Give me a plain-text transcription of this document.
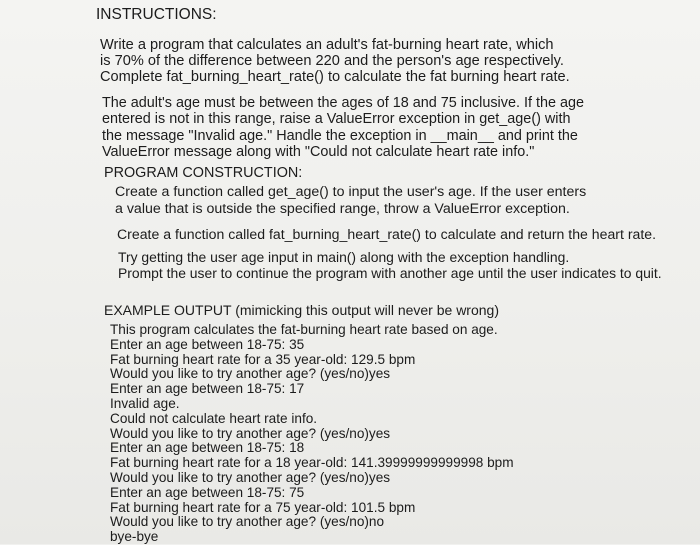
INSTRUCTIONS:
Write a program that calculates an adult's fat-burning heart rate, which
is 70% of the difference between 220 and the person's age respectively.
Complete fat_burning_heart_rate() to calculate the fat burning heart rate.
The adult's age must be between the ages of 18 and 75 inclusive. If the age
entered is not in this range, raise a ValueError exception in get_age() with
the message "Invalid age." Handle the exception in __main__ and print the
ValueError message along with "Could not calculate heart rate info."
PROGRAM CONSTRUCTION:
Create a function called get_age() to input the user's age. If the user enters
a value that is outside the specified range, throw a ValueError exception.
Create a function called fat_burning_heart_rate() to calculate and return the heart rate.
Try getting the user age input in main() along with the exception handling.
Prompt the user to continue the program with another age until the user indicates to quit.
EXAMPLE OUTPUT (mimicking this output will never be wrong)
This program calculates the fat-burning heart rate based on age.
Enter an age between 18-75: 35
Fat burning heart rate for a 35 year-old: 129.5 bpm
Would you like to try another age? (yes/no)yes
Enter an age between 18-75: 17
Invalid age.
Could not calculate heart rate info.
Would you like to try another age? (yes/no)yes
Enter an age between 18-75: 18
Fat burning heart rate for a 18 year-old: 141.39999999999998 bpm
Would you like to try another age? (yes/no)yes
Enter an age between 18-75: 75
Fat burning heart rate for a 75 year-old: 101.5 bpm
Would you like to try another age? (yes/no)no
bye-bye
